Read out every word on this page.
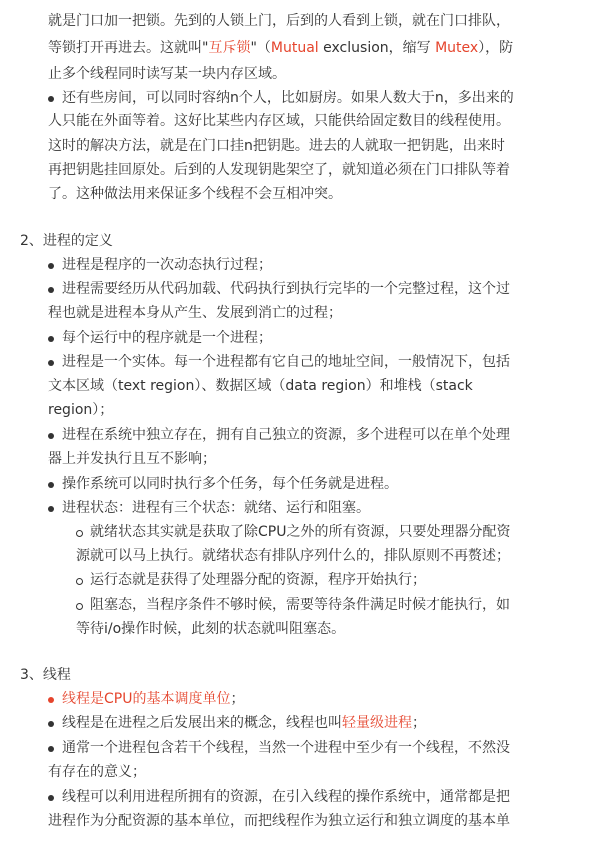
就是门口加一把锁。先到的人锁上门，后到的人看到上锁，就在门口排队，
等锁打开再进去。这就叫"互斥锁"（Mutual exclusion，缩写 Mutex），防
止多个线程同时读写某一块内存区域。
还有些房间，可以同时容纳n个人，比如厨房。如果人数大于n，多出来的
人只能在外面等着。这好比某些内存区域，只能供给固定数目的线程使用。
这时的解决方法，就是在门口挂n把钥匙。进去的人就取一把钥匙，出来时
再把钥匙挂回原处。后到的人发现钥匙架空了，就知道必须在门口排队等着
了。这种做法用来保证多个线程不会互相冲突。
2、进程的定义
进程是程序的一次动态执行过程；
进程需要经历从代码加载、代码执行到执行完毕的一个完整过程，这个过
程也就是进程本身从产生、发展到消亡的过程；
每个运行中的程序就是一个进程；
进程是一个实体。每一个进程都有它自己的地址空间，一般情况下，包括
文本区域（text region）、数据区域（data region）和堆栈（stack
region）；
进程在系统中独立存在，拥有自己独立的资源，多个进程可以在单个处理
器上并发执行且互不影响；
操作系统可以同时执行多个任务，每个任务就是进程。
进程状态：进程有三个状态：就绪、运行和阻塞。
就绪状态其实就是获取了除CPU之外的所有资源，只要处理器分配资
源就可以马上执行。就绪状态有排队序列什么的，排队原则不再赘述；
运行态就是获得了处理器分配的资源，程序开始执行；
阻塞态，当程序条件不够时候，需要等待条件满足时候才能执行，如
等待i/o操作时候，此刻的状态就叫阻塞态。
3、线程
线程是CPU的基本调度单位；
线程是在进程之后发展出来的概念，线程也叫轻量级进程；
通常一个进程包含若干个线程，当然一个进程中至少有一个线程，不然没
有存在的意义；
线程可以利用进程所拥有的资源，在引入线程的操作系统中，通常都是把
进程作为分配资源的基本单位，而把线程作为独立运行和独立调度的基本单
